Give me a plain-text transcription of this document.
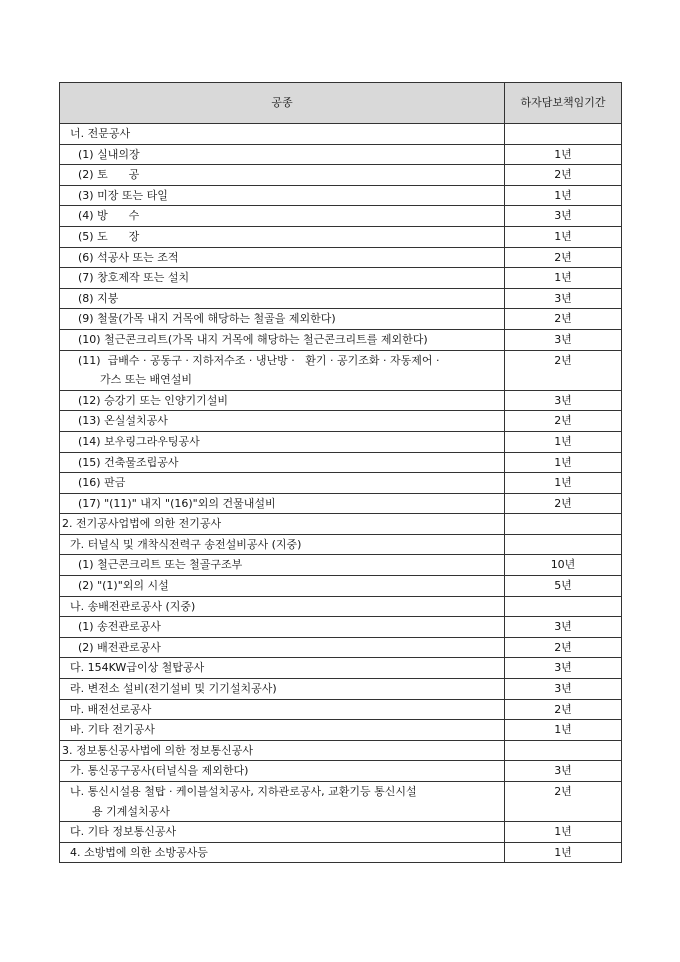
공종	하자담보책임기간

너. 전문공사	

(1) 실내의장	1년

(2) 토      공	2년

(3) 미장 또는 타일	1년

(4) 방      수	3년

(5) 도      장	1년

(6) 석공사 또는 조적	2년

(7) 창호제작 또는 설치	1년

(8) 지붕	3년

(9) 철물(가목 내지 거목에 해당하는 철골을 제외한다)	2년

(10) 철근콘크리트(가목 내지 거목에 해당하는 철근콘크리트를 제외한다)	3년

(11)  급배수 · 공동구 · 지하저수조 · 냉난방 ·   환기 · 공기조화 · 자동제어 ·
가스 또는 배연설비	2년

(12) 승강기 또는 인양기기설비	3년

(13) 온실설치공사	2년

(14) 보우링그라우팅공사	1년

(15) 건축물조립공사	1년

(16) 판금	1년

(17) "(11)" 내지 "(16)"외의 건물내설비	2년

2. 전기공사업법에 의한 전기공사	

가. 터널식 및 개착식전력구 송전설비공사 (지중)	

(1) 철근콘크리트 또는 철골구조부	10년

(2) "(1)"외의 시설	5년

나. 송배전관로공사 (지중)	

(1) 송전관로공사	3년

(2) 배전관로공사	2년

다. 154KW급이상 철탑공사	3년

라. 변전소 설비(전기설비 및 기기설치공사)	3년

마. 배전선로공사	2년

바. 기타 전기공사	1년

3. 정보통신공사법에 의한 정보통신공사	

가. 통신공구공사(터널식을 제외한다)	3년

나. 통신시설용 철탑 · 케이블설치공사, 지하관로공사, 교환기등 통신시설
용 기계설치공사	2년

다. 기타 정보통신공사	1년

4. 소방법에 의한 소방공사등	1년
